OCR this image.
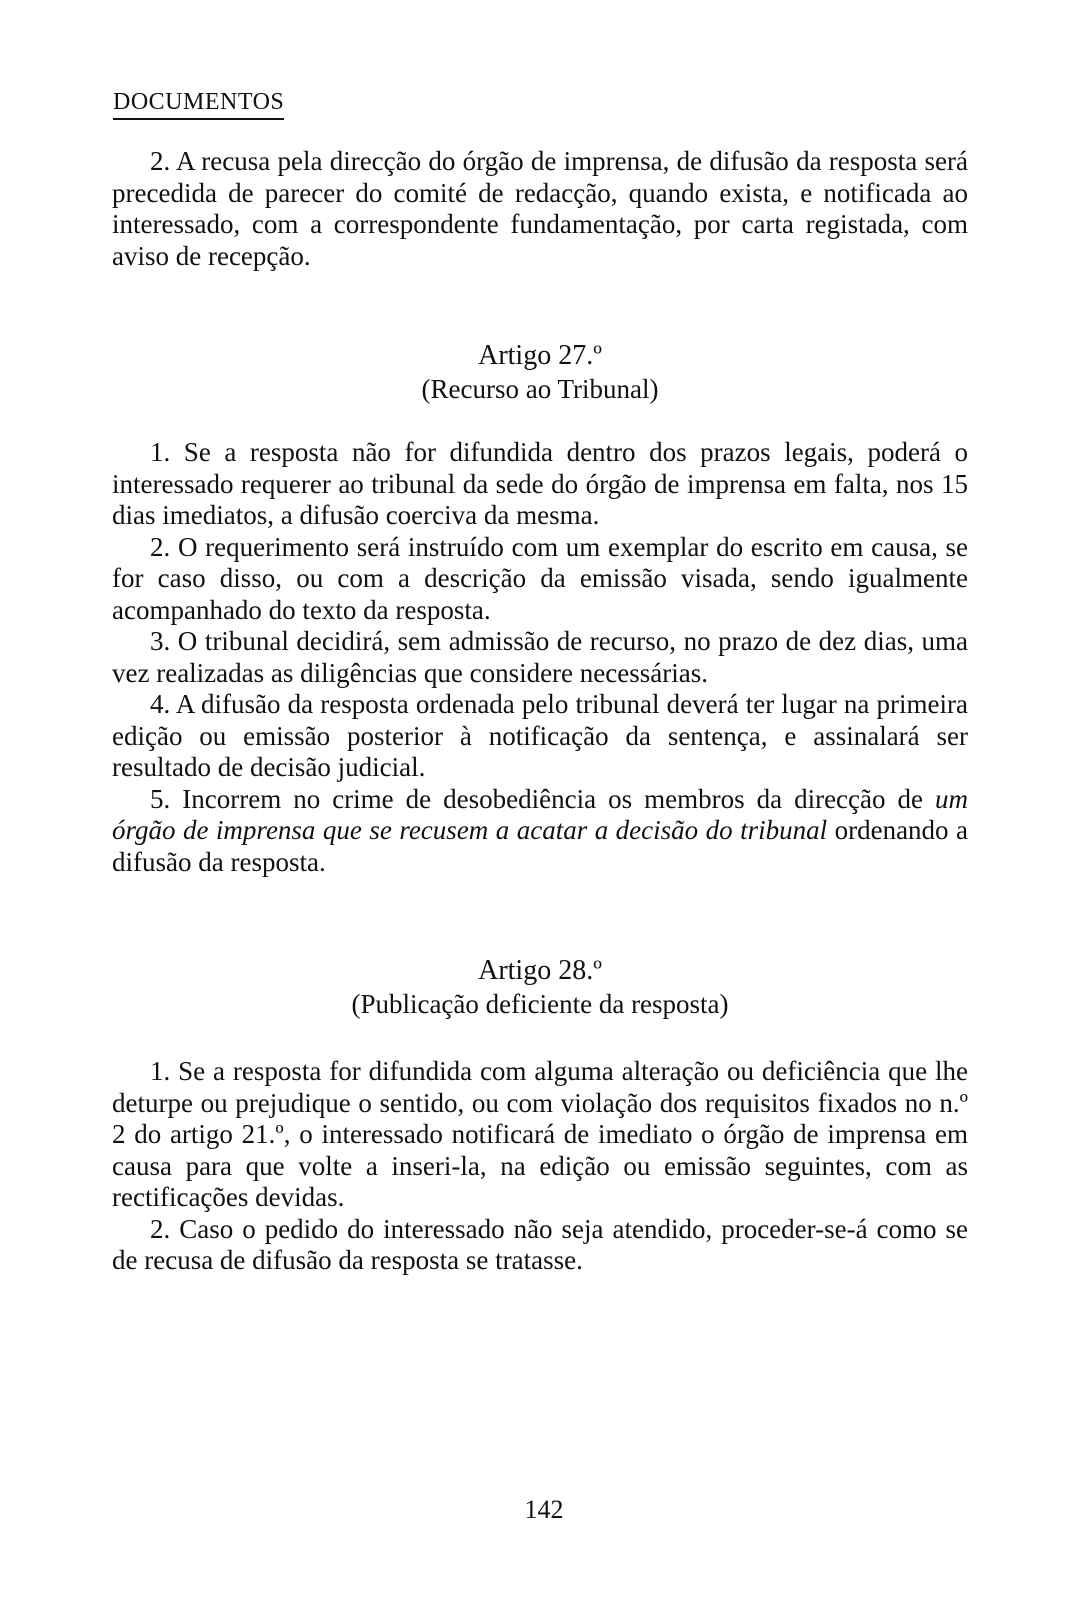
DOCUMENTOS

2. A recusa pela direcção do órgão de imprensa, de difusão da resposta será precedida de parecer do comité de redacção, quando exista, e notificada ao interessado, com a correspondente fundamentação, por carta registada, com aviso de recepção.

Artigo 27.º
(Recurso ao Tribunal)

1. Se a resposta não for difundida dentro dos prazos legais, poderá o interessado requerer ao tribunal da sede do órgão de imprensa em falta, nos 15 dias imediatos, a difusão coerciva da mesma.

2. O requerimento será instruído com um exemplar do escrito em causa, se for caso disso, ou com a descrição da emissão visada, sendo igualmente acompanhado do texto da resposta.

3. O tribunal decidirá, sem admissão de recurso, no prazo de dez dias, uma vez realizadas as diligências que considere necessárias.

4. A difusão da resposta ordenada pelo tribunal deverá ter lugar na primeira edição ou emissão posterior à notificação da sentença, e assinalará ser resultado de decisão judicial.

5. Incorrem no crime de desobediência os membros da direcção de um órgão de imprensa que se recusem a acatar a decisão do tribunal ordenando a difusão da resposta.

Artigo 28.º
(Publicação deficiente da resposta)

1. Se a resposta for difundida com alguma alteração ou deficiência que lhe deturpe ou prejudique o sentido, ou com violação dos requisitos fixados no n.º 2 do artigo 21.º, o interessado notificará de imediato o órgão de imprensa em causa para que volte a inseri-la, na edição ou emissão seguintes, com as rectificações devidas.

2. Caso o pedido do interessado não seja atendido, proceder-se-á como se de recusa de difusão da resposta se tratasse.

142
